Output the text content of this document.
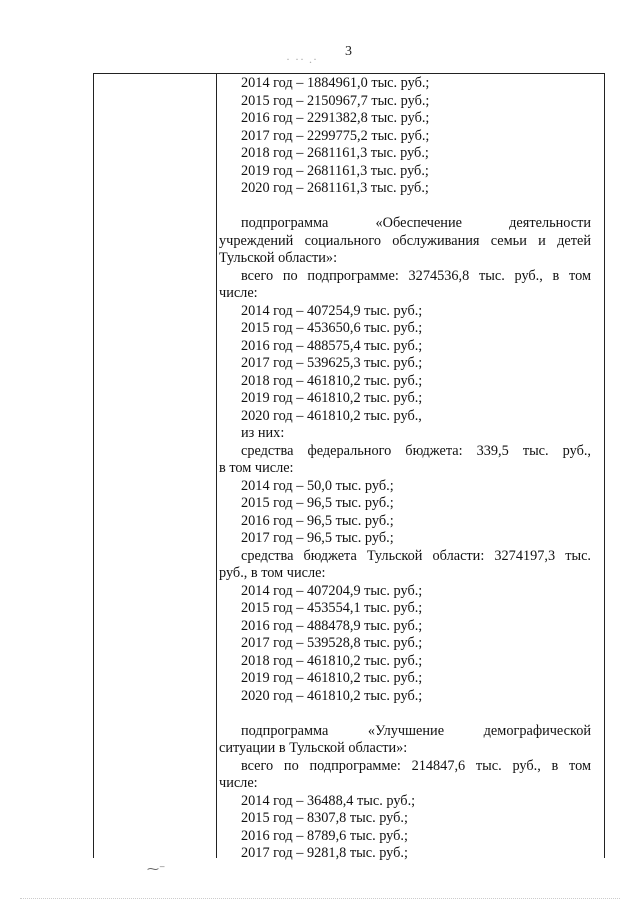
3
· ·· .·
2014 год – 1884961,0 тыс. руб.;
2015 год – 2150967,7 тыс. руб.;
2016 год – 2291382,8 тыс. руб.;
2017 год – 2299775,2 тыс. руб.;
2018 год – 2681161,3 тыс. руб.;
2019 год – 2681161,3 тыс. руб.;
2020 год – 2681161,3 тыс. руб.;
подпрограмма «Обеспечение деятельности
учреждений социального обслуживания семьи и детей
Тульской области»:
всего по подпрограмме: 3274536,8 тыс. руб., в том
числе:
2014 год – 407254,9 тыс. руб.;
2015 год – 453650,6 тыс. руб.;
2016 год – 488575,4 тыс. руб.;
2017 год – 539625,3 тыс. руб.;
2018 год – 461810,2 тыс. руб.;
2019 год – 461810,2 тыс. руб.;
2020 год – 461810,2 тыс. руб.,
из них:
средства федерального бюджета: 339,5 тыс. руб.,
в том числе:
2014 год – 50,0 тыс. руб.;
2015 год – 96,5 тыс. руб.;
2016 год – 96,5 тыс. руб.;
2017 год – 96,5 тыс. руб.;
средства бюджета Тульской области: 3274197,3 тыс.
руб., в том числе:
2014 год – 407204,9 тыс. руб.;
2015 год – 453554,1 тыс. руб.;
2016 год – 488478,9 тыс. руб.;
2017 год – 539528,8 тыс. руб.;
2018 год – 461810,2 тыс. руб.;
2019 год – 461810,2 тыс. руб.;
2020 год – 461810,2 тыс. руб.;
подпрограмма «Улучшение демографической
ситуации в Тульской области»:
всего по подпрограмме: 214847,6 тыс. руб., в том
числе:
2014 год – 36488,4 тыс. руб.;
2015 год – 8307,8 тыс. руб.;
2016 год – 8789,6 тыс. руб.;
2017 год – 9281,8 тыс. руб.;
⁓⁻
